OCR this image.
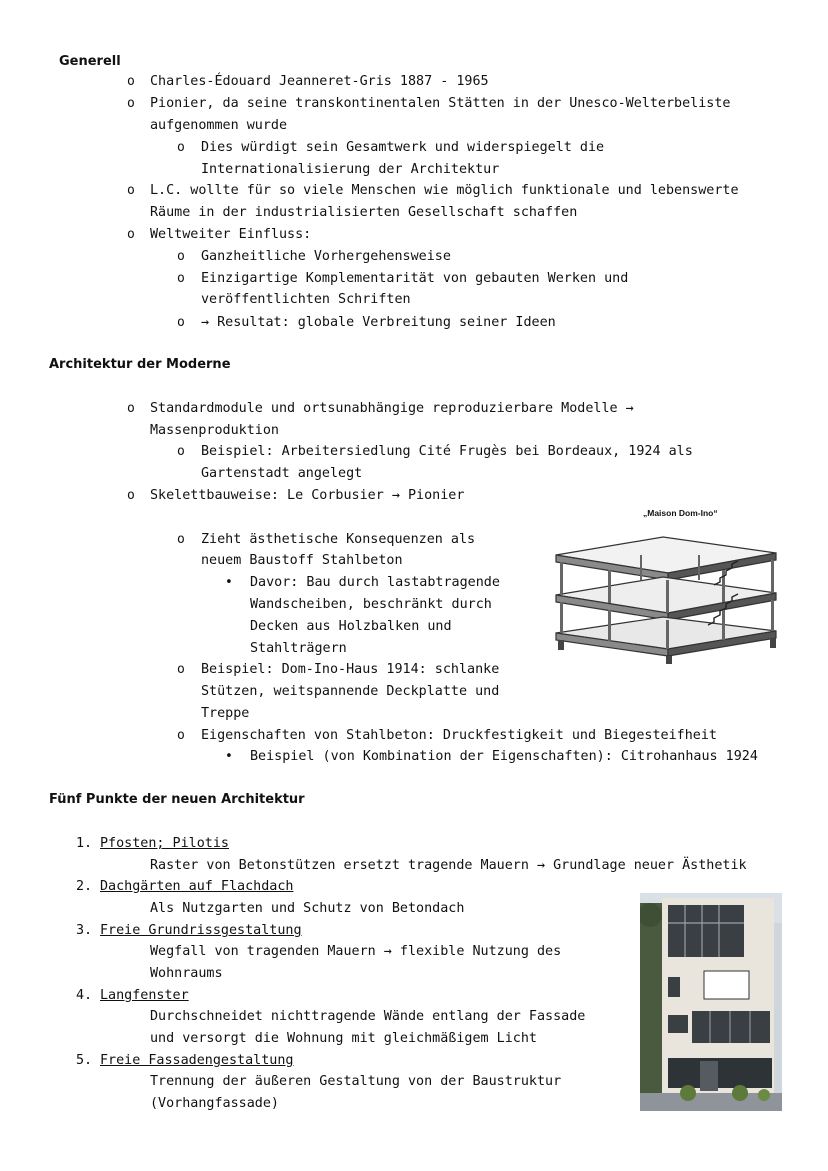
Generell
o Charles-Édouard Jeanneret-Gris 1887 - 1965
o Pionier, da seine transkontinentalen Stätten in der Unesco-Welterbeliste
aufgenommen wurde
o Dies würdigt sein Gesamtwerk und widerspiegelt die
Internationalisierung der Architektur
o L.C. wollte für so viele Menschen wie möglich funktionale und lebenswerte
Räume in der industrialisierten Gesellschaft schaffen
o Weltweiter Einfluss:
o Ganzheitliche Vorhergehensweise
o Einzigartige Komplementarität von gebauten Werken und
veröffentlichten Schriften
o → Resultat: globale Verbreitung seiner Ideen
Architektur der Moderne
o Standardmodule und ortsunabhängige reproduzierbare Modelle →
Massenproduktion
o Beispiel: Arbeitersiedlung Cité Frugès bei Bordeaux, 1924 als
Gartenstadt angelegt
o Skelettbauweise: Le Corbusier → Pionier
o Zieht ästhetische Konsequenzen als
neuem Baustoff Stahlbeton
• Davor: Bau durch lastabtragende
Wandscheiben, beschränkt durch
Decken aus Holzbalken und
Stahlträgern
o Beispiel: Dom-Ino-Haus 1914: schlanke
Stützen, weitspannende Deckplatte und
Treppe
o Eigenschaften von Stahlbeton: Druckfestigkeit und Biegesteifheit
• Beispiel (von Kombination der Eigenschaften): Citrohanhaus 1924
„Maison Dom-Ino“
Fünf Punkte der neuen Architektur
1. Pfosten; Pilotis
Raster von Betonstützen ersetzt tragende Mauern → Grundlage neuer Ästhetik
2. Dachgärten auf Flachdach
Als Nutzgarten und Schutz von Betondach
3. Freie Grundrissgestaltung
Wegfall von tragenden Mauern → flexible Nutzung des
Wohnraums
4. Langfenster
Durchschneidet nichttragende Wände entlang der Fassade
und versorgt die Wohnung mit gleichmäßigem Licht
5. Freie Fassadengestaltung
Trennung der äußeren Gestaltung von der Baustruktur
(Vorhangfassade)
